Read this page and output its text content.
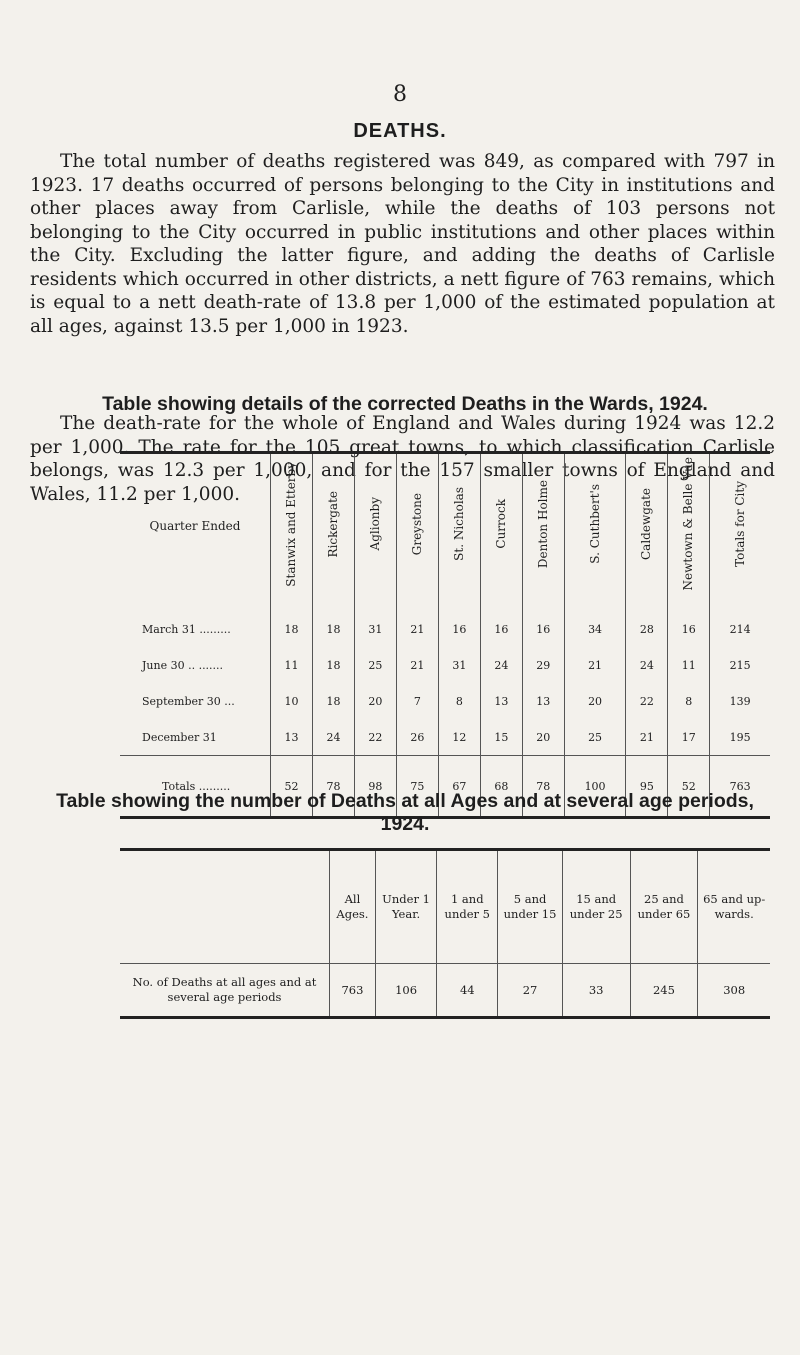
8
DEATHS.

The total number of deaths registered was 849, as compared with 797 in 1923. 17 deaths occurred of persons belonging to the City in institutions and other places away from Carlisle, while the deaths of 103 persons not belonging to the City occurred in public institutions and other places within the City. Excluding the latter figure, and adding the deaths of Carlisle residents which occurred in other districts, a nett figure of 763 remains, which is equal to a nett death-rate of 13.8 per 1,000 of the estimated population at all ages, against 13.5 per 1,000 in 1923.

The death-rate for the whole of England and Wales during 1924 was 12.2 per 1,000. The rate for the 105 great towns, to which classification Carlisle belongs, was 12.3 per 1,000, and for the 157 smaller towns of England and Wales, 11.2 per 1,000.

Table showing details of the corrected Deaths in the Wards, 1924.
Quarter Ended	Stanwix and Etterby	Rickergate	Aglionby	Greystone	St. Nicholas	Currock	Denton Holme	S. Cuthbert's	Caldewgate	Newtown & Belle Vue	Totals for City
March 31 .........	18	18	31	21	16	16	16	34	28	16	214
June 30 .. .......	11	18	25	21	31	24	29	21	24	11	215
September 30 ...	10	18	20	7	8	13	13	20	22	8	139
December 31	13	24	22	26	12	15	20	25	21	17	195
Totals .........	52	78	98	75	67	68	78	100	95	52	763
Table showing the number of Deaths at all Ages and at several age periods, 1924.
	All Ages.	Under 1 Year.	1 and under 5	5 and under 15	15 and under 25	25 and under 65	65 and up-wards.
No. of Deaths at all ages and at several age periods	763	106	44	27	33	245	308
